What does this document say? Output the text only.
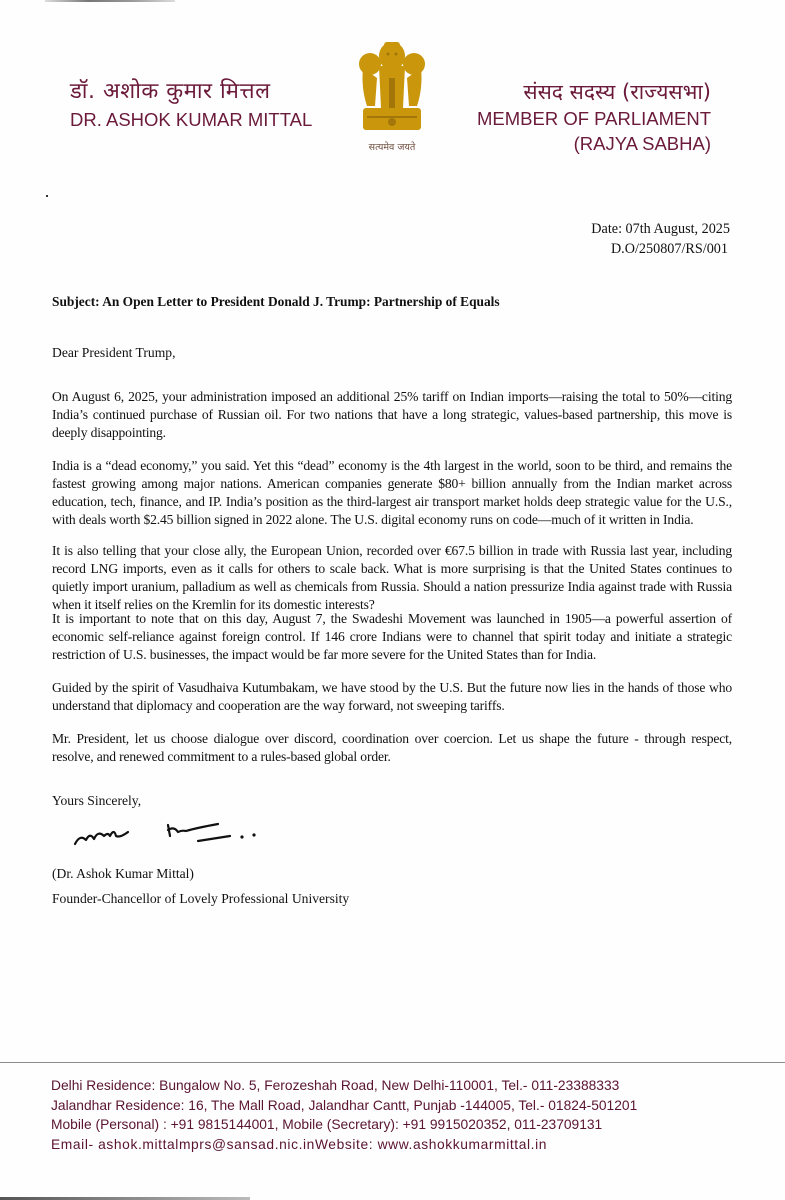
डॉ. अशोक कुमार मित्तल
DR. ASHOK KUMAR MITTAL
सत्यमेव जयते
संसद सदस्य (राज्यसभा)
MEMBER OF PARLIAMENT
(RAJYA SABHA)
Date: 07th August, 2025
D.O/250807/RS/001
Subject: An Open Letter to President Donald J. Trump: Partnership of Equals
Dear President Trump,
On August 6, 2025, your administration imposed an additional 25% tariff on Indian imports—raising the total to 50%—citing India’s continued purchase of Russian oil. For two nations that have a long strategic, values-based partnership, this move is deeply disappointing.
India is a “dead economy,” you said. Yet this “dead” economy is the 4th largest in the world, soon to be third, and remains the fastest growing among major nations. American companies generate $80+ billion annually from the Indian market across education, tech, finance, and IP. India’s position as the third-largest air transport market holds deep strategic value for the U.S., with deals worth $2.45 billion signed in 2022 alone. The U.S. digital economy runs on code—much of it written in India.
It is also telling that your close ally, the European Union, recorded over €67.5 billion in trade with Russia last year, including record LNG imports, even as it calls for others to scale back. What is more surprising is that the United States continues to quietly import uranium, palladium as well as chemicals from Russia. Should a nation pressurize India against trade with Russia when it itself relies on the Kremlin for its domestic interests?
It is important to note that on this day, August 7, the Swadeshi Movement was launched in 1905—a powerful assertion of economic self-reliance against foreign control. If 146 crore Indians were to channel that spirit today and initiate a strategic restriction of U.S. businesses, the impact would be far more severe for the United States than for India.
Guided by the spirit of Vasudhaiva Kutumbakam, we have stood by the U.S. But the future now lies in the hands of those who understand that diplomacy and cooperation are the way forward, not sweeping tariffs.
Mr. President, let us choose dialogue over discord, coordination over coercion. Let us shape the future - through respect, resolve, and renewed commitment to a rules-based global order.
Yours Sincerely,
(Dr. Ashok Kumar Mittal)
Founder-Chancellor of Lovely Professional University
Delhi Residence: Bungalow No. 5, Ferozeshah Road, New Delhi-110001, Tel.- 011-23388333
Jalandhar Residence: 16, The Mall Road, Jalandhar Cantt, Punjab -144005, Tel.- 01824-501201
Mobile (Personal) : +91 9815144001, Mobile (Secretary): +91 9915020352, 011-23709131
Email- ashok.mittalmprs@sansad.nic.inWebsite: www.ashokkumarmittal.in
